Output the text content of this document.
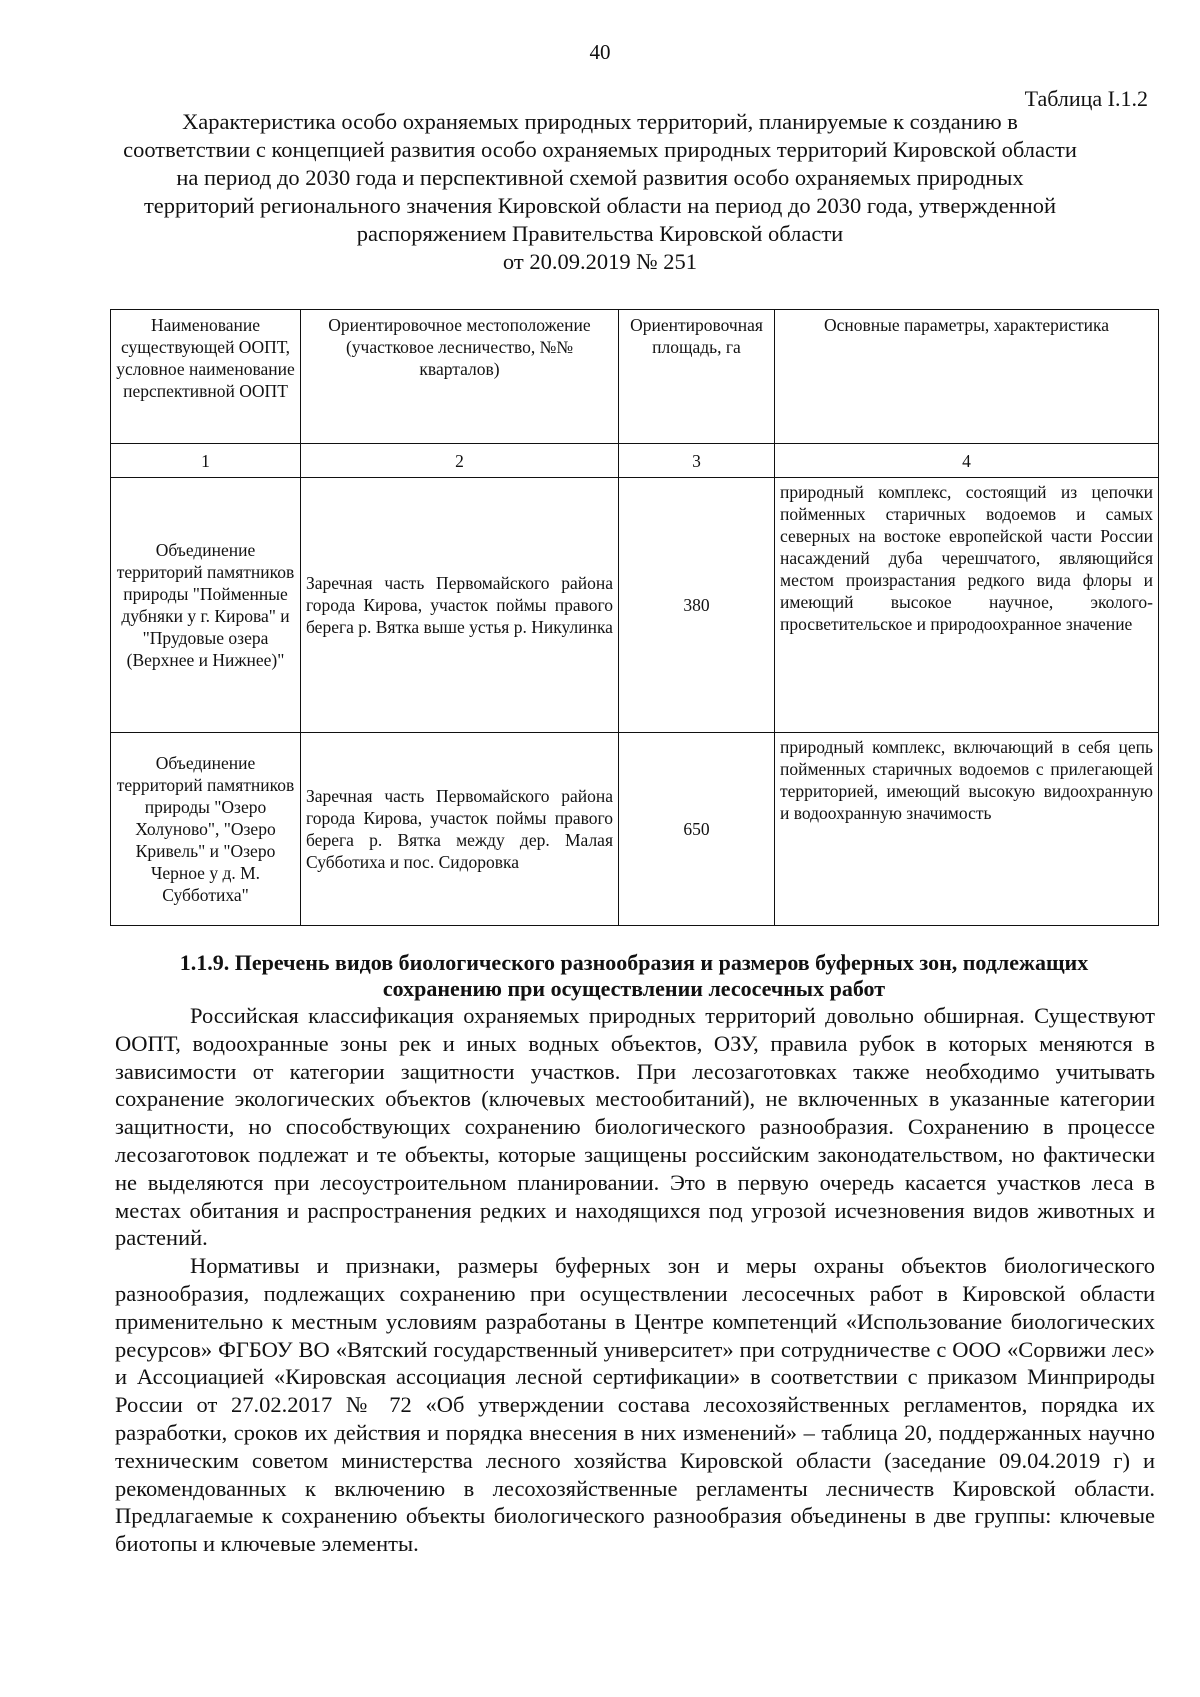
40
Таблица I.1.2
Характеристика особо охраняемых природных территорий, планируемые к созданию в соответствии с концепцией развития особо охраняемых природных территорий Кировской области на период до 2030 года и перспективной схемой развития особо охраняемых природных территорий регионального значения Кировской области на период до 2030 года, утвержденной распоряжением Правительства Кировской области
от 20.09.2019 № 251
Наименование существующей ООПТ, условное наименование перспективной ООПТ	Ориентировочное местоположение (участковое лесничество, №№ кварталов)	Ориентировочная площадь, га	Основные параметры, характеристика
1	2	3	4
Объединение территорий памятников природы "Пойменные дубняки у г. Кирова" и "Прудовые озера (Верхнее и Нижнее)"	Заречная часть Первомайского района города Кирова, участок поймы правого берега р. Вятка выше устья р. Никулинка	380	природный комплекс, состоящий из цепочки пойменных старичных водоемов и самых северных на востоке европейской части России насаждений дуба черешчатого, являющийся местом произрастания редкого вида флоры и имеющий высокое научное, эколого-просветительское и природоохранное значение
Объединение территорий памятников природы "Озеро Холуново", "Озеро Кривель" и "Озеро Черное у д. М. Субботиха"	Заречная часть Первомайского района города Кирова, участок поймы правого берега р. Вятка между дер. Малая Субботиха и пос. Сидоровка	650	природный комплекс, включающий в себя цепь пойменных старичных водоемов с прилегающей территорией, имеющий высокую видоохранную и водоохранную значимость
1.1.9. Перечень видов биологического разнообразия и размеров буферных зон, подлежащих
сохранению при осуществлении лесосечных работ

Российская классификация охраняемых природных территорий довольно обширная. Существуют ООПТ, водоохранные зоны рек и иных водных объектов, ОЗУ, правила рубок в которых меняются в зависимости от категории защитности участков. При лесозаготовках также необходимо учитывать сохранение экологических объектов (ключевых местообитаний), не включенных в указанные категории защитности, но способствующих сохранению биологического разнообразия. Сохранению в процессе лесозаготовок подлежат и те объекты, которые защищены российским законодательством, но фактически не выделяются при лесоустроительном планировании. Это в первую очередь касается участков леса в местах обитания и распространения редких и находящихся под угрозой исчезновения видов животных и растений.

Нормативы и признаки, размеры буферных зон и меры охраны объектов биологического разнообразия, подлежащих сохранению при осуществлении лесосечных работ в Кировской области применительно к местным условиям разработаны в Центре компетенций «Использование биологических ресурсов» ФГБОУ ВО «Вятский государственный университет» при сотрудничестве с ООО «Сорвижи лес» и Ассоциацией «Кировская ассоциация лесной сертификации» в соответствии с приказом Минприроды России от 27.02.2017 № 72 «Об утверждении состава лесохозяйственных регламентов, порядка их разработки, сроков их действия и порядка внесения в них изменений» – таблица 20, поддержанных научно техническим советом министерства лесного хозяйства Кировской области (заседание 09.04.2019 г) и рекомендованных к включению в лесохозяйственные регламенты лесничеств Кировской области. Предлагаемые к сохранению объекты биологического разнообразия объединены в две группы: ключевые биотопы и ключевые элементы.
